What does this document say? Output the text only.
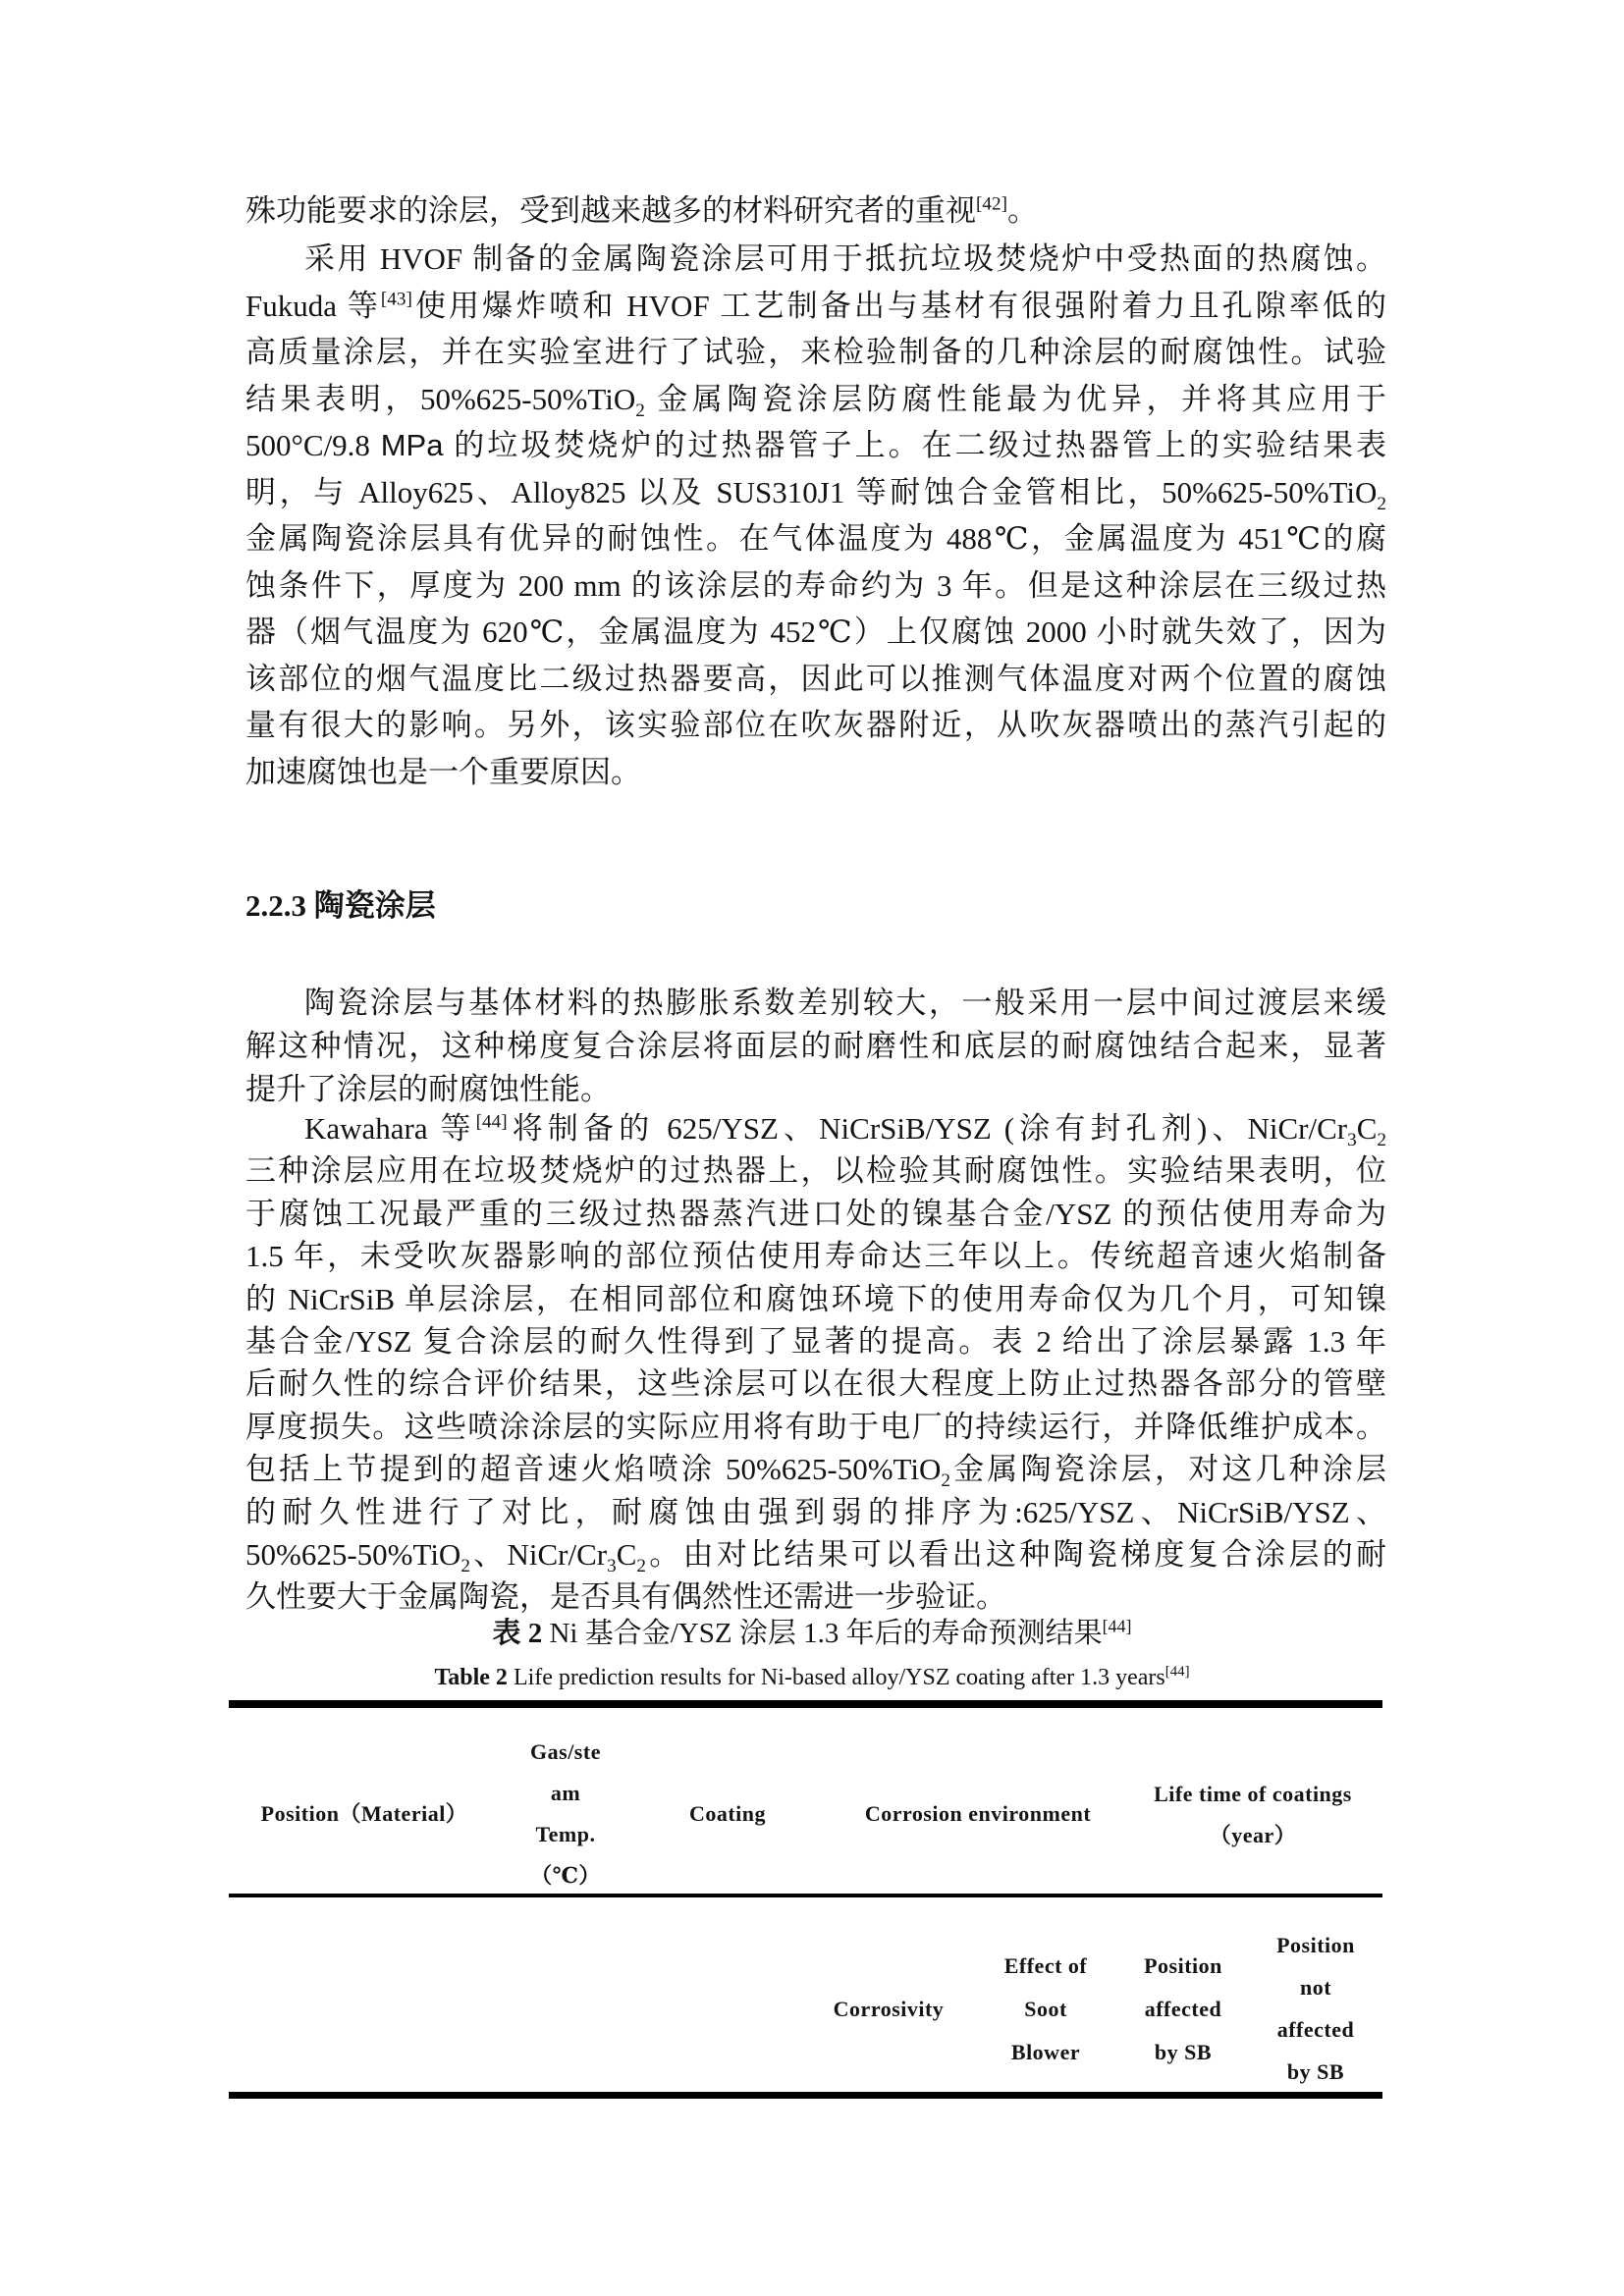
殊功能要求的涂层，受到越来越多的材料研究者的重视[42]。
采用 HVOF 制备的金属陶瓷涂层可用于抵抗垃圾焚烧炉中受热面的热腐蚀。
Fukuda 等[43]使用爆炸喷和 HVOF 工艺制备出与基材有很强附着力且孔隙率低的
高质量涂层，并在实验室进行了试验，来检验制备的几种涂层的耐腐蚀性。试验
结果表明，50%625-50%TiO$_2$ 金属陶瓷涂层防腐性能最为优异，并将其应用于
500°C/9.8 MPa 的垃圾焚烧炉的过热器管子上。在二级过热器管上的实验结果表
明，与 Alloy625、Alloy825 以及 SUS310J1 等耐蚀合金管相比，50%625-50%TiO$_2$
金属陶瓷涂层具有优异的耐蚀性。在气体温度为 488℃，金属温度为 451℃的腐
蚀条件下，厚度为 200 mm 的该涂层的寿命约为 3 年。但是这种涂层在三级过热
器（烟气温度为 620℃，金属温度为 452℃）上仅腐蚀 2000 小时就失效了，因为
该部位的烟气温度比二级过热器要高，因此可以推测气体温度对两个位置的腐蚀
量有很大的影响。另外，该实验部位在吹灰器附近，从吹灰器喷出的蒸汽引起的
加速腐蚀也是一个重要原因。
2.2.3 陶瓷涂层
陶瓷涂层与基体材料的热膨胀系数差别较大，一般采用一层中间过渡层来缓
解这种情况，这种梯度复合涂层将面层的耐磨性和底层的耐腐蚀结合起来，显著
提升了涂层的耐腐蚀性能。
Kawahara 等[44]将制备的 625/YSZ、NiCrSiB/YSZ (涂有封孔剂)、NiCr/$Cr_3C_2$
三种涂层应用在垃圾焚烧炉的过热器上，以检验其耐腐蚀性。实验结果表明，位
于腐蚀工况最严重的三级过热器蒸汽进口处的镍基合金/YSZ 的预估使用寿命为
1.5 年，未受吹灰器影响的部位预估使用寿命达三年以上。传统超音速火焰制备
的 NiCrSiB 单层涂层，在相同部位和腐蚀环境下的使用寿命仅为几个月，可知镍
基合金/YSZ 复合涂层的耐久性得到了显著的提高。表 2 给出了涂层暴露 1.3 年
后耐久性的综合评价结果，这些涂层可以在很大程度上防止过热器各部分的管壁
厚度损失。这些喷涂涂层的实际应用将有助于电厂的持续运行，并降低维护成本。
包括上节提到的超音速火焰喷涂 50%625-50%TiO$_2$金属陶瓷涂层，对这几种涂层
的耐久性进行了对比，耐腐蚀由强到弱的排序为:625/YSZ、NiCrSiB/YSZ、
50%625-50%TiO$_2$、NiCr/$Cr_3C_2$。由对比结果可以看出这种陶瓷梯度复合涂层的耐
久性要大于金属陶瓷，是否具有偶然性还需进一步验证。
表 2 Ni 基合金/YSZ 涂层 1.3 年后的寿命预测结果[44]
Table 2 Life prediction results for Ni-based alloy/YSZ coating after 1.3 years[44]
Position（Material）
Gas/ste
am
Temp.
（℃）
Coating	Corrosion environment
Life time of coatings
（year）
Corrosivity
Effect of
Soot
Blower
Position
affected
by SB
Position
not
affected
by SB
